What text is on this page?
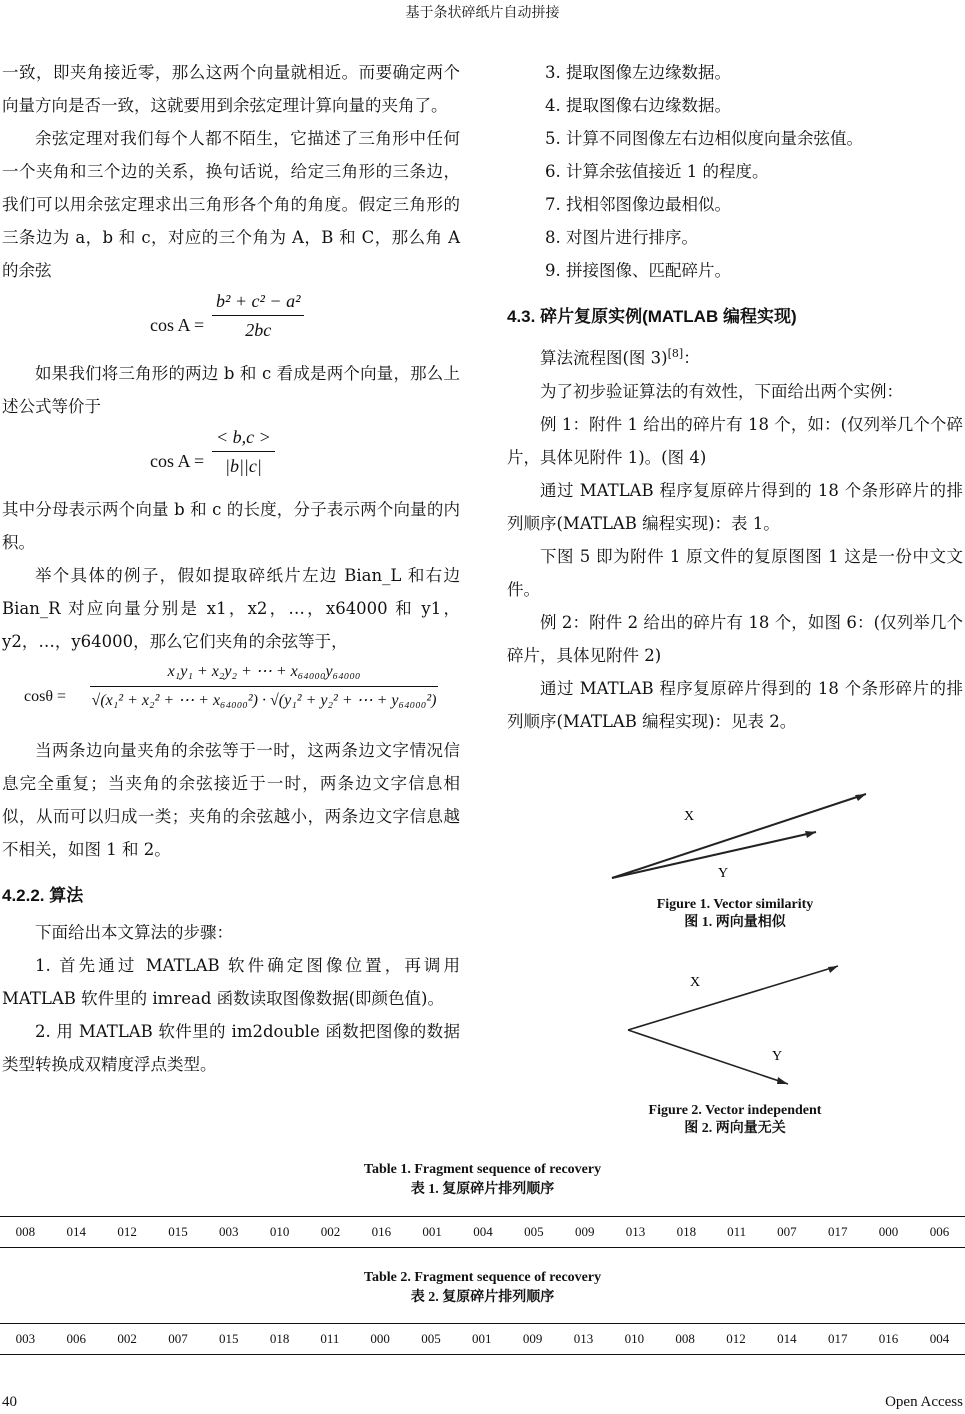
基于条状碎纸片自动拼接

一致，即夹角接近零，那么这两个向量就相近。而要确定两个向量方向是否一致，这就要用到余弦定理计算向量的夹角了。

余弦定理对我们每个人都不陌生，它描述了三角形中任何一个夹角和三个边的关系，换句话说，给定三角形的三条边，我们可以用余弦定理求出三角形各个角的角度。假定三角形的三条边为 a，b 和 c，对应的三个角为 A，B 和 C，那么角 A 的余弦

$\cos A = \frac{\text{b² + c² − a²}}{2bc}$

如果我们将三角形的两边 b 和 c 看成是两个向量，那么上述公式等价于

$\cos A = \frac{< b,c >}{|b||c|}$

其中分母表示两个向量 b 和 c 的长度，分子表示两个向量的内积。

举个具体的例子，假如提取碎纸片左边 Bian_L 和右边 Bian_R 对应向量分别是 x1，x2，…，x64000 和 y1，y2，…，y64000，那么它们夹角的余弦等于，

$\cos\theta = \frac{\text{x₁y₁ + x₂y₂ + ⋯ + x₆₄₀₀₀y₆₄₀₀₀}}{\text{√(x₁² + x₂² + ⋯ + x₆₄₀₀₀²) · √(y₁² + y₂² + ⋯ + y₆₄₀₀₀²)}}$

当两条边向量夹角的余弦等于一时，这两条边文字情况信息完全重复；当夹角的余弦接近于一时，两条边文字信息相似，从而可以归成一类；夹角的余弦越小，两条边文字信息越不相关，如图 1 和 2。

4.2.2. 算法

下面给出本文算法的步骤：

1. 首先通过 MATLAB 软件确定图像位置，再调用 MATLAB 软件里的 imread 函数读取图像数据(即颜色值)。

2. 用 MATLAB 软件里的 im2double 函数把图像的数据类型转换成双精度浮点类型。

3. 提取图像左边缘数据。

4. 提取图像右边缘数据。

5. 计算不同图像左右边相似度向量余弦值。

6. 计算余弦值接近 1 的程度。

7. 找相邻图像边最相似。

8. 对图片进行排序。

9. 拼接图像、匹配碎片。

4.3. 碎片复原实例(MATLAB 编程实现)

算法流程图(图 3)[8]：

为了初步验证算法的有效性，下面给出两个实例：

例 1：附件 1 给出的碎片有 18 个，如：(仅列举几个个碎片，具体见附件 1)。(图 4)

通过 MATLAB 程序复原碎片得到的 18 个条形碎片的排列顺序(MATLAB 编程实现)：表 1。

下图 5 即为附件 1 原文件的复原图图 1 这是一份中文文件。

例 2：附件 2 给出的碎片有 18 个，如图 6：(仅列举几个碎片，具体见附件 2)

通过 MATLAB 程序复原碎片得到的 18 个条形碎片的排列顺序(MATLAB 编程实现)：见表 2。

X
Y
Figure 1. Vector similarity
图 1. 两向量相似
X
Y
Figure 2. Vector independent
图 2. 两向量无关
Table 1. Fragment sequence of recovery
表 1. 复原碎片排列顺序
008	014	012	015	003	010	002	016	001	004	005	009	013	018	011	007	017	000	006
Table 2. Fragment sequence of recovery
表 2. 复原碎片排列顺序
003	006	002	007	015	018	011	000	005	001	009	013	010	008	012	014	017	016	004
40	Open Access
